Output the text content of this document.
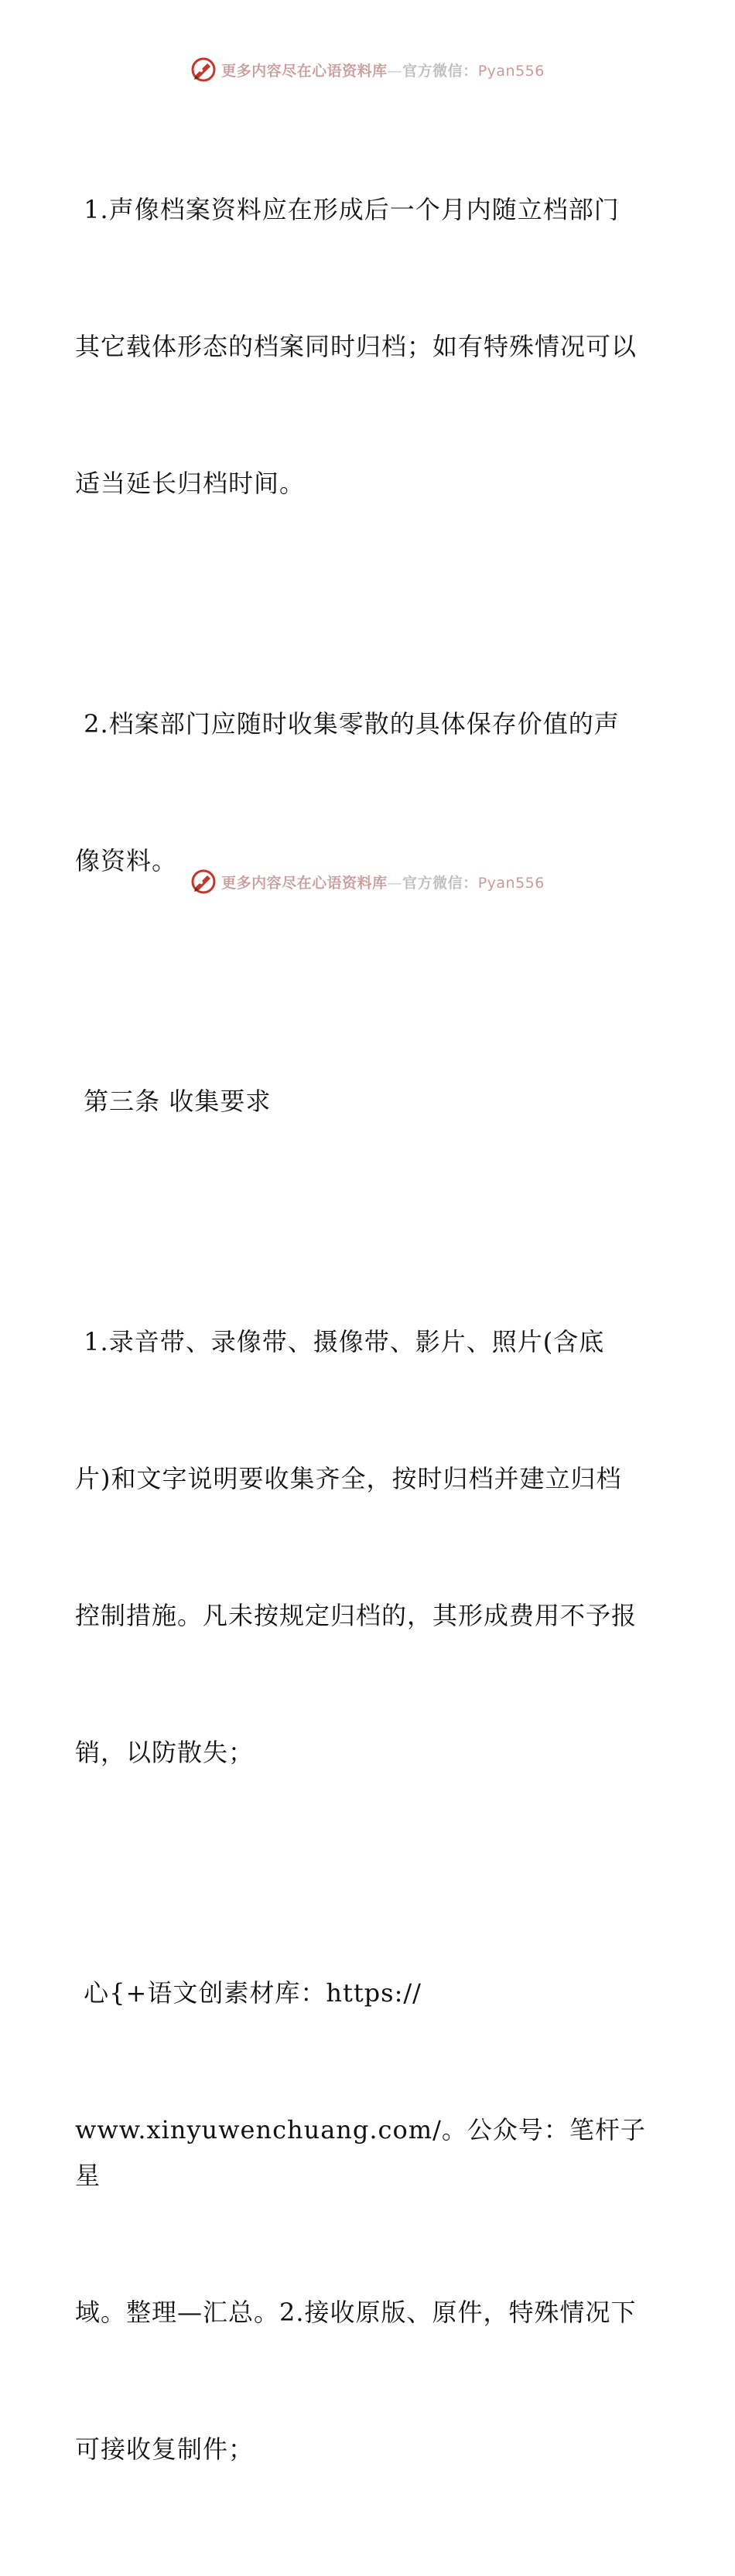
更多内容尽在心语资料库—官方微信：Pyan556

1.声像档案资料应在形成后一个月内随立档部门

其它载体形态的档案同时归档；如有特殊情况可以

适当延长归档时间。

2.档案部门应随时收集零散的具体保存价值的声

像资料。

第三条 收集要求

1.录音带、录像带、摄像带、影片、照片(含底

片)和文字说明要收集齐全，按时归档并建立归档

控制措施。凡未按规定归档的，其形成费用不予报

销，以防散失；

心{+语文创素材库：https://

www.xinyuwenchuang.com/。公众号：笔杆子星

域。整理—汇总。2.接收原版、原件，特殊情况下

可接收复制件；

更多内容尽在心语资料库—官方微信：Pyan556
